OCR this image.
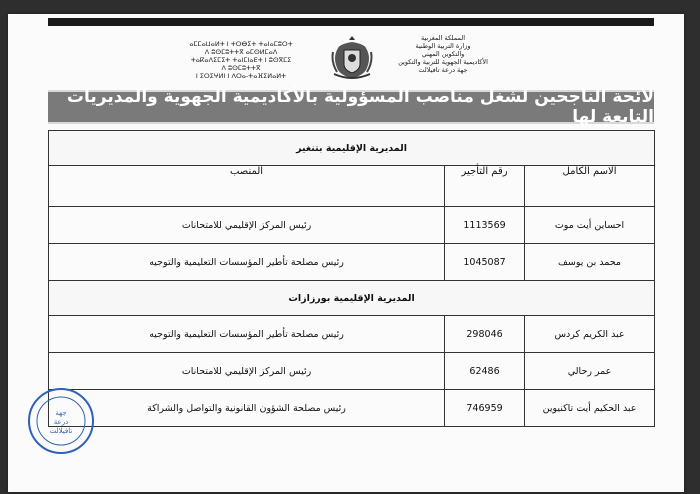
ⴰⵎⵎⴰⵡⴰⵍⵜ ⵏ ⵜⵔⴱⵉⵜ ⵜⴰⵏⴰⵎⵓⵔⵜ
ⴷ ⵓⵙⵎⵓⵜⵜⴳ ⴰⵎⵙⵍⵎⴰⴷ
ⵜⴰⴽⴰⴷⵉⵎⵉⵜ ⵜⴰⵏⵎⵏⴰⴹⵜ ⵏ ⵓⵙⴳⵎⵉ
ⴷ ⵓⵙⵎⵓⵜⵜⴳ
ⵏ ⵉⵔⵉⵖⵍⵏ ⵏ ⴷⵔⴰ-ⵜⴰⴼⵉⵍⴰⵍⵜ
المملكة المغربية
وزارة التربية الوطنية
والتكوين المهني
الأكاديمية الجهوية للتربية والتكوين
جهة درعة تافيلالت
لائحة الناجحين لشغل مناصب المسؤولية بالأكاديمية الجهوية والمديريات التابعة لها
المديرية الإقليمية بتنغير		
الاسم الكامل	رقم التأجير	المنصب
احساين أيت موت	1113569	رئيس المركز الإقليمي للامتحانات
محمد بن يوسف	1045087	رئيس مصلحة تأطير المؤسسات التعليمية والتوجيه
المديرية الإقليمية بورزازات		
عبد الكريم كردس	298046	رئيس مصلحة تأطير المؤسسات التعليمية والتوجيه
عمر رحالي	62486	رئيس المركز الإقليمي للامتحانات
عبد الحكيم أيت تاكنيوين	746959	رئيس مصلحة الشؤون القانونية والتواصل والشراكة
جهة
درعة
تافيلالت
